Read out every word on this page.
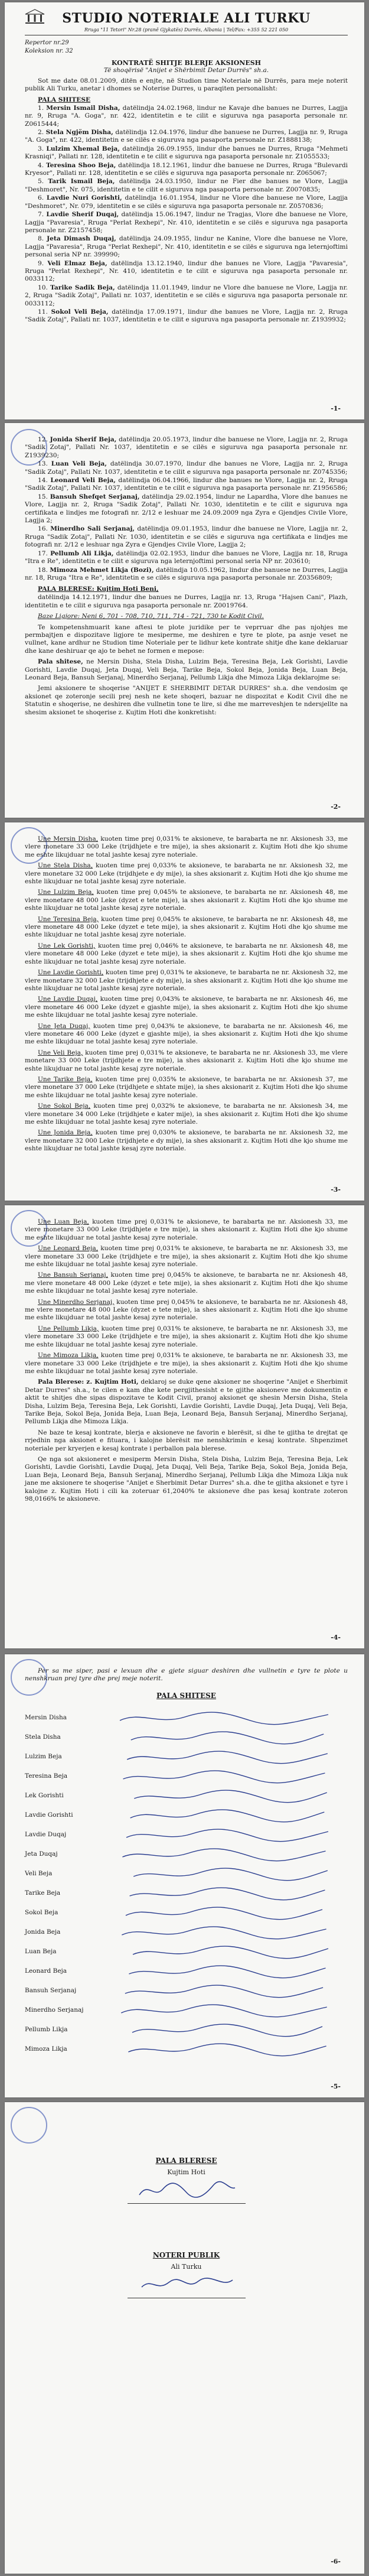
STUDIO NOTERIALE ALI TURKU
Rruga "11 Tetori" Nr.28 (pranë Gjykatës) Durrës, Albania | Tel/Fax: +355 52 221 050
Repertor nr.29
Koleksion nr. 32
KONTRATË SHITJE BLERJE AKSIONESH
Të shoqërisë "Anijet e Shërbimit Detar Durrës" sh.a.

Sot me date 08.01.2009, ditën e enjte, në Studion time Noteriale në Durrës, para meje noterit publik Ali Turku, anetar i dhomes se Noterise Durres, u paraqiten personalisht:

PALA SHITESE

1. Mersin Ismail Disha, datëlindja 24.02.1968, lindur ne Kavaje dhe banues ne Durres, Lagjja nr. 9, Rruga "A. Goga", nr. 422, identitetin e te cilit e siguruva nga pasaporta personale nr. Z0615444;

2. Stela Ngjëm Disha, datëlindja 12.04.1976, lindur dhe banuese ne Durres, Lagjja nr. 9, Rruga "A. Goga", nr. 422, identitetin e se cilës e siguruva nga pasaporta personale nr. Z1888138;

3. Lulzim Xhemal Beja, datëlindja 26.09.1955, lindur dhe banues ne Durres, Rruga "Mehmeti Krasniqi", Pallati nr. 128, identitetin e te cilit e siguruva nga pasaporta personale nr. Z1055533;

4. Teresina Shoo Beja, datëlindja 18.12.1961, lindur dhe banuese ne Durres, Rruga "Bulevardi Kryesor", Pallati nr. 128, identitetin e se cilës e siguruva nga pasaporta personale nr. Z065067;

5. Tarik Ismail Beja, datëlindja 24.03.1950, lindur ne Fier dhe banues ne Vlore, Lagjja "Deshmoret", Nr. 075, identitetin e te cilit e siguruva nga pasaporta personale nr. Z0070835;

6. Lavdie Nuri Gorishti, datëlindja 16.01.1954, lindur ne Vlore dhe banuese ne Vlore, Lagjja "Deshmoret", Nr. 079, identitetin e se cilës e siguruva nga pasaporta personale nr. Z0570836;

7. Lavdie Sherif Duqaj, datëlindja 15.06.1947, lindur ne Tragjas, Vlore dhe banuese ne Vlore, Lagjja "Pavaresia", Rruga "Perlat Rexhepi", Nr. 410, identitetin e se cilës e siguruva nga pasaporta personale nr. Z2157458;

8. Jeta Dimash Duqaj, datëlindja 24.09.1955, lindur ne Kanine, Vlore dhe banuese ne Vlore, Lagjja "Pavaresia", Rruga "Perlat Rexhepi", Nr. 410, identitetin e se cilës e siguruva nga leternjoftimi personal seria NP nr. 399990;

9. Veli Elmaz Beja, datëlindja 13.12.1940, lindur dhe banues ne Vlore, Lagjja "Pavaresia", Rruga "Perlat Rexhepi", Nr. 410, identitetin e te cilit e siguruva nga pasaporta personale nr. 0033112;

10. Tarike Sadik Beja, datëlindja 11.01.1949, lindur ne Vlore dhe banuese ne Vlore, Lagjja nr. 2, Rruga "Sadik Zotaj", Pallati nr. 1037, identitetin e se cilës e siguruva nga pasaporta personale nr. 0033112;

11. Sokol Veli Beja, datëlindja 17.09.1971, lindur dhe banues ne Vlore, Lagjja nr. 2, Rruga "Sadik Zotaj", Pallati nr. 1037, identitetin e te cilit e siguruva nga pasaporta personale nr. Z1939932;

-1-

12. Jonida Sherif Beja, datëlindja 20.05.1973, lindur dhe banuese ne Vlore, Lagjja nr. 2, Rruga "Sadik Zotaj", Pallati Nr. 1037, identitetin e se cilës e siguruva nga pasaporta personale nr. Z1939230;

13. Luan Veli Beja, datëlindja 30.07.1970, lindur dhe banues ne Vlore, Lagjja nr. 2, Rruga "Sadik Zotaj", Pallati Nr. 1037, identitetin e te cilit e siguruva nga pasaporta personale nr. Z0745356;

14. Leonard Veli Beja, datëlindja 06.04.1966, lindur dhe banues ne Vlore, Lagjja nr. 2, Rruga "Sadik Zotaj", Pallati Nr. 1037, identitetin e te cilit e siguruva nga pasaporta personale nr. Z1956586;

15. Bansuh Shefqet Serjanaj, datëlindja 29.02.1954, lindur ne Lapardha, Vlore dhe banues ne Vlore, Lagjja nr. 2, Rruga "Sadik Zotaj", Pallati Nr. 1030, identitetin e te cilit e siguruva nga certifikata e lindjes me fotografi nr. 2/12 e leshuar me 24.09.2009 nga Zyra e Gjendjes Civile Vlore, Lagjja 2;

16. Minerdho Sali Serjanaj, datëlindja 09.01.1953, lindur dhe banuese ne Vlore, Lagjja nr. 2, Rruga "Sadik Zotaj", Pallati Nr. 1030, identitetin e se cilës e siguruva nga certifikata e lindjes me fotografi nr. 2/12 e leshuar nga Zyra e Gjendjes Civile Vlore, Lagjja 2;

17. Pellumb Ali Likja, datëlindja 02.02.1953, lindur dhe banues ne Vlore, Lagjja nr. 18, Rruga "Itra e Re", identitetin e te cilit e siguruva nga leternjoftimi personal seria NP nr. 203610;

18. Mimoza Mehmet Likja (Bozi), datëlindja 10.05.1962, lindur dhe banuese ne Durres, Lagjja nr. 18, Rruga "Itra e Re", identitetin e se cilës e siguruva nga pasaporta personale nr. Z0356809;

PALA BLERESE: Kujtim Hoti Beni,

datëlindja 14.12.1971, lindur dhe banues ne Durres, Lagjja nr. 13, Rruga "Hajsen Cani", Plazh, identitetin e te cilit e siguruva nga pasaporta personale nr. Z0019764.

Baze Ligjore: Neni 6, 701 - 708, 710, 711, 714 - 721, 730 te Kodit Civil.

Te kompetenshmuarit kane aftesi te plote juridike per te veprruar dhe pas njohjes me permbajtjen e dispozitave ligjore te mesiperme, me deshiren e tyre te plote, pa asnje veset ne vullnet, kane ardhur ne Studion time Noteriale per te lidhur kete kontrate shitje dhe kane deklaruar dhe kane deshiruar qe ajo te behet ne formen e mepose:

Pala shitese, ne Mersin Disha, Stela Disha, Lulzim Beja, Teresina Beja, Lek Gorishti, Lavdie Gorishti, Lavdie Duqaj, Jeta Duqaj, Veli Beja, Tarike Beja, Sokol Beja, Jonida Beja, Luan Beja, Leonard Beja, Bansuh Serjanaj, Minerdho Serjanaj, Pellumb Likja dhe Mimoza Likja deklarojme se:

Jemi aksionere te shoqerise "ANIJET E SHERBIMIT DETAR DURRES" sh.a. dhe vendosim qe aksionet qe zoteronje secili prej nesh ne kete shoqeri, bazuar ne dispozitat e Kodit Civil dhe ne Statutin e shoqerise, ne deshiren dhe vullnetin tone te lire, si dhe me marreveshjen te ndersjellte na shesim aksionet te shoqerise z. Kujtim Hoti dhe konkretisht:

-2-

Une Mersin Disha, kuoten time prej 0,031% te aksioneve, te barabarta ne nr. Aksionesh 33, me vlere monetare 33 000 Leke (trijdhjete e tre mije), ia shes aksionarit z. Kujtim Hoti dhe kjo shume me eshte likujduar ne total jashte kesaj zyre noteriale.

Une Stela Disha, kuoten time prej 0,033% te aksioneve, te barabarta ne nr. Aksionesh 32, me vlere monetare 32 000 Leke (trijdhjete e dy mije), ia shes aksionarit z. Kujtim Hoti dhe kjo shume me eshte likujduar ne total jashte kesaj zyre noteriale.

Une Lulzim Beja, kuoten time prej 0,045% te aksioneve, te barabarta ne nr. Aksionesh 48, me vlere monetare 48 000 Leke (dyzet e tete mije), ia shes aksionarit z. Kujtim Hoti dhe kjo shume me eshte likujduar ne total jashte kesaj zyre noteriale.

Une Teresina Beja, kuoten time prej 0,045% te aksioneve, te barabarta ne nr. Aksionesh 48, me vlere monetare 48 000 Leke (dyzet e tete mije), ia shes aksionarit z. Kujtim Hoti dhe kjo shume me eshte likujduar ne total jashte kesaj zyre noteriale.

Une Lek Gorishti, kuoten time prej 0,046% te aksioneve, te barabarta ne nr. Aksionesh 48, me vlere monetare 48 000 Leke (dyzet e tete mije), ia shes aksionarit z. Kujtim Hoti dhe kjo shume me eshte likujduar ne total jashte kesaj zyre noteriale.

Une Lavdie Gorishti, kuoten time prej 0,031% te aksioneve, te barabarta ne nr. Aksionesh 32, me vlere monetare 32 000 Leke (trijdhjete e dy mije), ia shes aksionarit z. Kujtim Hoti dhe kjo shume me eshte likujduar ne total jashte kesaj zyre noteriale.

Une Lavdie Duqaj, kuoten time prej 0,043% te aksioneve, te barabarta ne nr. Aksionesh 46, me vlere monetare 46 000 Leke (dyzet e gjashte mije), ia shes aksionarit z. Kujtim Hoti dhe kjo shume me eshte likujduar ne total jashte kesaj zyre noteriale.

Une Jeta Duqaj, kuoten time prej 0,043% te aksioneve, te barabarta ne nr. Aksionesh 46, me vlere monetare 46 000 Leke (dyzet e gjashte mije), ia shes aksionarit z. Kujtim Hoti dhe kjo shume me eshte likujduar ne total jashte kesaj zyre noteriale.

Une Veli Beja, kuoten time prej 0,031% te aksioneve, te barabarta ne nr. Aksionesh 33, me vlere monetare 33 000 Leke (trijdhjete e tre mije), ia shes aksionarit z. Kujtim Hoti dhe kjo shume me eshte likujduar ne total jashte kesaj zyre noteriale.

Une Tarike Beja, kuoten time prej 0,035% te aksioneve, te barabarta ne nr. Aksionesh 37, me vlere monetare 37 000 Leke (trijdhjete e shtate mije), ia shes aksionarit z. Kujtim Hoti dhe kjo shume me eshte likujduar ne total jashte kesaj zyre noteriale.

Une Sokol Beja, kuoten time prej 0,032% te aksioneve, te barabarta ne nr. Aksionesh 34, me vlere monetare 34 000 Leke (trijdhjete e kater mije), ia shes aksionarit z. Kujtim Hoti dhe kjo shume me eshte likujduar ne total jashte kesaj zyre noteriale.

Une Jonida Beja, kuoten time prej 0,030% te aksioneve, te barabarta ne nr. Aksionesh 32, me vlere monetare 32 000 Leke (trijdhjete e dy mije), ia shes aksionarit z. Kujtim Hoti dhe kjo shume me eshte likujduar ne total jashte kesaj zyre noteriale.

-3-

Une Luan Beja, kuoten time prej 0,031% te aksioneve, te barabarta ne nr. Aksionesh 33, me vlere monetare 33 000 Leke (trijdhjete e tre mije), ia shes aksionarit z. Kujtim Hoti dhe kjo shume me eshte likujduar ne total jashte kesaj zyre noteriale.

Une Leonard Beja, kuoten time prej 0,031% te aksioneve, te barabarta ne nr. Aksionesh 33, me vlere monetare 33 000 Leke (trijdhjete e tre mije), ia shes aksionarit z. Kujtim Hoti dhe kjo shume me eshte likujduar ne total jashte kesaj zyre noteriale.

Une Bansuh Serjanaj, kuoten time prej 0,045% te aksioneve, te barabarta ne nr. Aksionesh 48, me vlere monetare 48 000 Leke (dyzet e tete mije), ia shes aksionarit z. Kujtim Hoti dhe kjo shume me eshte likujduar ne total jashte kesaj zyre noteriale.

Une Minerdho Serjanaj, kuoten time prej 0,045% te aksioneve, te barabarta ne nr. Aksionesh 48, me vlere monetare 48 000 Leke (dyzet e tete mije), ia shes aksionarit z. Kujtim Hoti dhe kjo shume me eshte likujduar ne total jashte kesaj zyre noteriale.

Une Pellumb Likja, kuoten time prej 0,031% te aksioneve, te barabarta ne nr. Aksionesh 33, me vlere monetare 33 000 Leke (trijdhjete e tre mije), ia shes aksionarit z. Kujtim Hoti dhe kjo shume me eshte likujduar ne total jashte kesaj zyre noteriale.

Une Mimoza Likja, kuoten time prej 0,031% te aksioneve, te barabarta ne nr. Aksionesh 33, me vlere monetare 33 000 Leke (trijdhjete e tre mije), ia shes aksionarit z. Kujtim Hoti dhe kjo shume me eshte likujduar ne total jashte kesaj zyre noteriale.

Pala Blerese: z. Kujtim Hoti, deklaroj se duke qene aksioner ne shoqerine "Anijet e Sherbimit Detar Durres" sh.a., te cilen e kam dhe kete pergjithesisht e te gjithe aksioneve me dokumentin e aktit te shitjes dhe sipas dispozitave te Kodit Civil, pranoj aksionet qe shesin Mersin Disha, Stela Disha, Lulzim Beja, Teresina Beja, Lek Gorishti, Lavdie Gorishti, Lavdie Duqaj, Jeta Duqaj, Veli Beja, Tarike Beja, Sokol Beja, Jonida Beja, Luan Beja, Leonard Beja, Bansuh Serjanaj, Minerdho Serjanaj, Pellumb Likja dhe Mimoza Likja.

Ne baze te kesaj kontrate, blerja e aksioneve ne favorin e blerësit, si dhe te gjitha te drejtat qe rrjedhin nga aksionet e fituara, i kalojne blerësit me nenshkrimin e kesaj kontrate. Shpenzimet noteriale per kryerjen e kesaj kontrate i perballon pala blerese.

Qe nga sot aksioneret e mesiperm Mersin Disha, Stela Disha, Lulzim Beja, Teresina Beja, Lek Gorishti, Lavdie Gorishti, Lavdie Duqaj, Jeta Duqaj, Veli Beja, Tarike Beja, Sokol Beja, Jonida Beja, Luan Beja, Leonard Beja, Bansuh Serjanaj, Minerdho Serjanaj, Pellumb Likja dhe Mimoza Likja nuk jane me aksionere te shoqerise "Anijet e Sherbimit Detar Durres" sh.a. dhe te gjitha aksionet e tyre i kalojne z. Kujtim Hoti i cili ka zoteruar 61,2040% te aksioneve dhe pas kesaj kontrate zoteron 98,0166% te aksioneve.

-4-

Per sa me siper, pasi e lexuan dhe e gjete siguar deshiren dhe vullnetin e tyre te plote u nenshkruan prej tyre dhe prej meje noterit.

PALA SHITESE
Mersin Disha
Stela Disha
Lulzim Beja
Teresina Beja
Lek Gorishti
Lavdie Gorishti
Lavdie Duqaj
Jeta Duqaj
Veli Beja
Tarike Beja
Sokol Beja
Jonida Beja
Luan Beja
Leonard Beja
Bansuh Serjanaj
Minerdho Serjanaj
Pellumb Likja
Mimoza Likja
-5-
PALA BLERESE
Kujtim Hoti
NOTERI PUBLIK
Ali Turku
-6-
